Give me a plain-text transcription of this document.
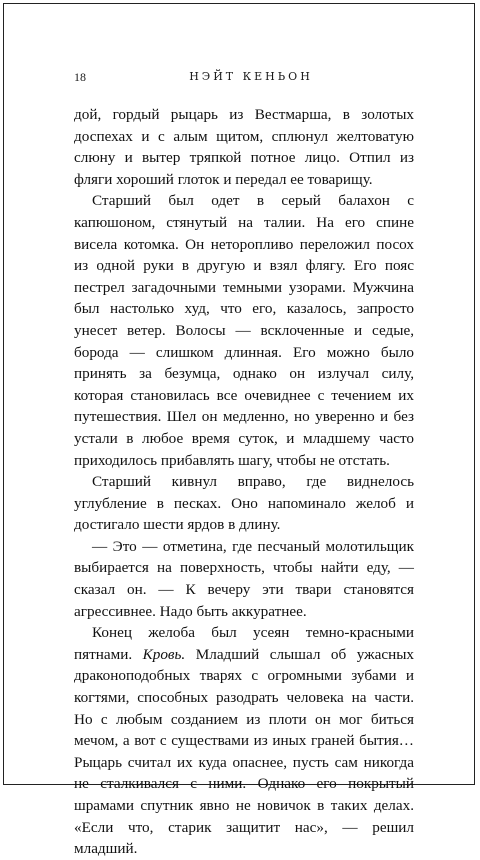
18	НЭЙТ КЕНЬОН

дой, гордый рыцарь из Вестмарша, в золотых доспехах и с алым щитом, сплюнул желтоватую слюну и вытер тряпкой потное лицо. Отпил из фляги хороший глоток и передал ее товарищу.

Старший был одет в серый балахон с капюшоном, стянутый на талии. На его спине висела котомка. Он неторопливо переложил посох из одной руки в другую и взял флягу. Его пояс пестрел загадочными темными узорами. Мужчина был настолько худ, что его, казалось, запросто унесет ветер. Волосы — всклоченные и седые, борода — слишком длинная. Его можно было принять за безумца, однако он излучал силу, которая становилась все очевиднее с течением их путешествия. Шел он медленно, но уверенно и без устали в любое время суток, и младшему часто приходилось прибавлять шагу, чтобы не отстать.

Старший кивнул вправо, где виднелось углубление в песках. Оно напоминало желоб и достигало шести ярдов в длину.

— Это — отметина, где песчаный молотильщик выбирается на поверхность, чтобы найти еду, — сказал он. — К вечеру эти твари становятся агрессивнее. Надо быть аккуратнее.

Конец желоба был усеян темно-красными пятнами. Кровь. Младший слышал об ужасных драконоподобных тварях с огромными зубами и когтями, способных разодрать человека на части. Но с любым созданием из плоти он мог биться мечом, а вот с существами из иных граней бытия… Рыцарь считал их куда опаснее, пусть сам никогда не сталкивался с ними. Однако его покрытый шрамами спутник явно не новичок в таких делах. «Если что, старик защитит нас», — решил младший.
